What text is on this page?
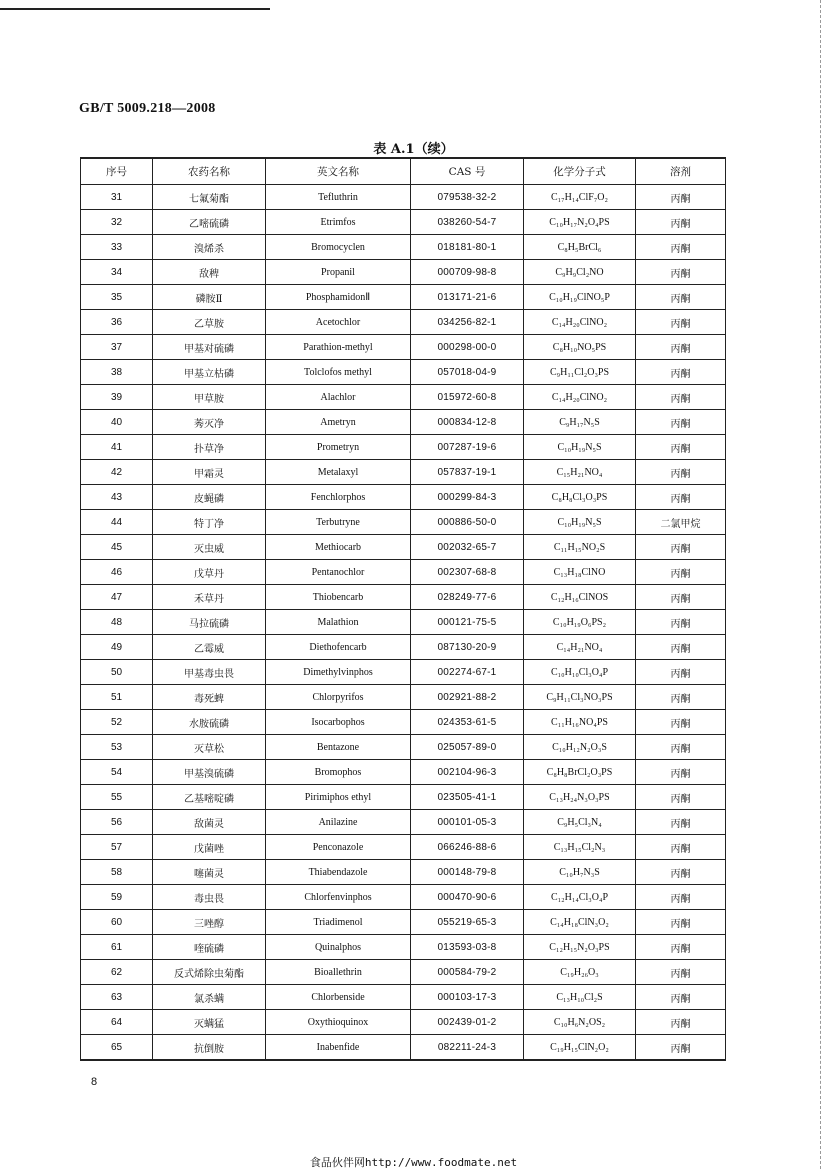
GB/T 5009.218—2008
表 A.1（续）
序号	农药名称	英文名称	CAS 号	化学分子式	溶剂
31	七氟菊酯	Tefluthrin	079538-32-2	C₁₇H₁₄ClF₇O₂	丙酮
32	乙嘧硫磷	Etrimfos	038260-54-7	C₁₀H₁₇N₂O₄PS	丙酮
33	溴烯杀	Bromocyclen	018181-80-1	C₈H₅BrCl₆	丙酮
34	敌稗	Propanil	000709-98-8	C₉H₉Cl₂NO	丙酮
35	磷胺Ⅱ	PhosphamidonⅡ	013171-21-6	C₁₀H₁₉ClNO₅P	丙酮
36	乙草胺	Acetochlor	034256-82-1	C₁₄H₂₀ClNO₂	丙酮
37	甲基对硫磷	Parathion-methyl	000298-00-0	C₈H₁₀NO₅PS	丙酮
38	甲基立枯磷	Tolclofos methyl	057018-04-9	C₉H₁₁Cl₂O₃PS	丙酮
39	甲草胺	Alachlor	015972-60-8	C₁₄H₂₀ClNO₂	丙酮
40	莠灭净	Ametryn	000834-12-8	C₉H₁₇N₅S	丙酮
41	扑草净	Prometryn	007287-19-6	C₁₀H₁₉N₅S	丙酮
42	甲霜灵	Metalaxyl	057837-19-1	C₁₅H₂₁NO₄	丙酮
43	皮蝇磷	Fenchlorphos	000299-84-3	C₈H₈Cl₃O₃PS	丙酮
44	特丁净	Terbutryne	000886-50-0	C₁₀H₁₉N₅S	二氯甲烷
45	灭虫威	Methiocarb	002032-65-7	C₁₁H₁₅NO₂S	丙酮
46	戊草丹	Pentanochlor	002307-68-8	C₁₃H₁₈ClNO	丙酮
47	禾草丹	Thiobencarb	028249-77-6	C₁₂H₁₆ClNOS	丙酮
48	马拉硫磷	Malathion	000121-75-5	C₁₀H₁₉O₆PS₂	丙酮
49	乙霉威	Diethofencarb	087130-20-9	C₁₄H₂₁NO₄	丙酮
50	甲基毒虫畏	Dimethylvinphos	002274-67-1	C₁₀H₁₀Cl₃O₄P	丙酮
51	毒死蜱	Chlorpyrifos	002921-88-2	C₉H₁₁Cl₃NO₃PS	丙酮
52	水胺硫磷	Isocarbophos	024353-61-5	C₁₁H₁₆NO₄PS	丙酮
53	灭草松	Bentazone	025057-89-0	C₁₀H₁₂N₂O₃S	丙酮
54	甲基溴硫磷	Bromophos	002104-96-3	C₈H₈BrCl₂O₃PS	丙酮
55	乙基嘧啶磷	Pirimiphos ethyl	023505-41-1	C₁₃H₂₄N₃O₃PS	丙酮
56	敌菌灵	Anilazine	000101-05-3	C₉H₅Cl₃N₄	丙酮
57	戊菌唑	Penconazole	066246-88-6	C₁₃H₁₅Cl₂N₃	丙酮
58	噻菌灵	Thiabendazole	000148-79-8	C₁₀H₇N₃S	丙酮
59	毒虫畏	Chlorfenvinphos	000470-90-6	C₁₂H₁₄Cl₃O₄P	丙酮
60	三唑醇	Triadimenol	055219-65-3	C₁₄H₁₈ClN₃O₂	丙酮
61	喹硫磷	Quinalphos	013593-03-8	C₁₂H₁₅N₂O₃PS	丙酮
62	反式烯除虫菊酯	Bioallethrin	000584-79-2	C₁₉H₂₆O₃	丙酮
63	氯杀螨	Chlorbenside	000103-17-3	C₁₃H₁₀Cl₂S	丙酮
64	灭螨猛	Oxythioquinox	002439-01-2	C₁₀H₆N₂OS₂	丙酮
65	抗倒胺	Inabenfide	082211-24-3	C₁₉H₁₅ClN₂O₂	丙酮
8
食品伙伴网http://www.foodmate.net
